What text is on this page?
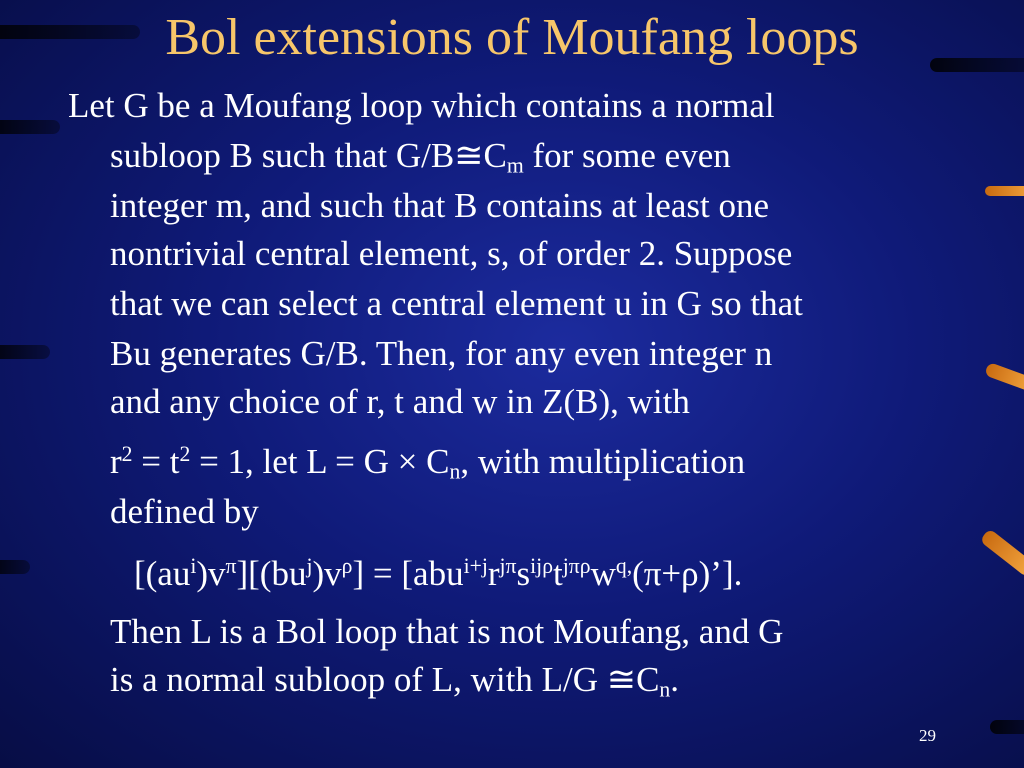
Bol extensions of Moufang loops

Let G be a Moufang loop which contains a normal

subloop B such that $G/B≅C_m$ for some even

integer m, and such that B contains at least one

nontrivial central element, s, of order 2. Suppose

that we can select a central element u in G so that

Bu generates G/B. Then, for any even integer n

and any choice of r, t and w in Z(B), with

$r^2 = t^2 = 1$, let $L = G \times C_n$, with multiplication

defined by

$[(au^i)v^\pi][(bu^j)v^\rho]$ = $[abu^{i+j}r^{j\pi}s^{ij\rho}t^{j\pi\rho}w^{q,}(\pi+\rho)’]$.

Then L is a Bol loop that is not Moufang, and G

is a normal subloop of L, with L/G $≅C_n$.

29
